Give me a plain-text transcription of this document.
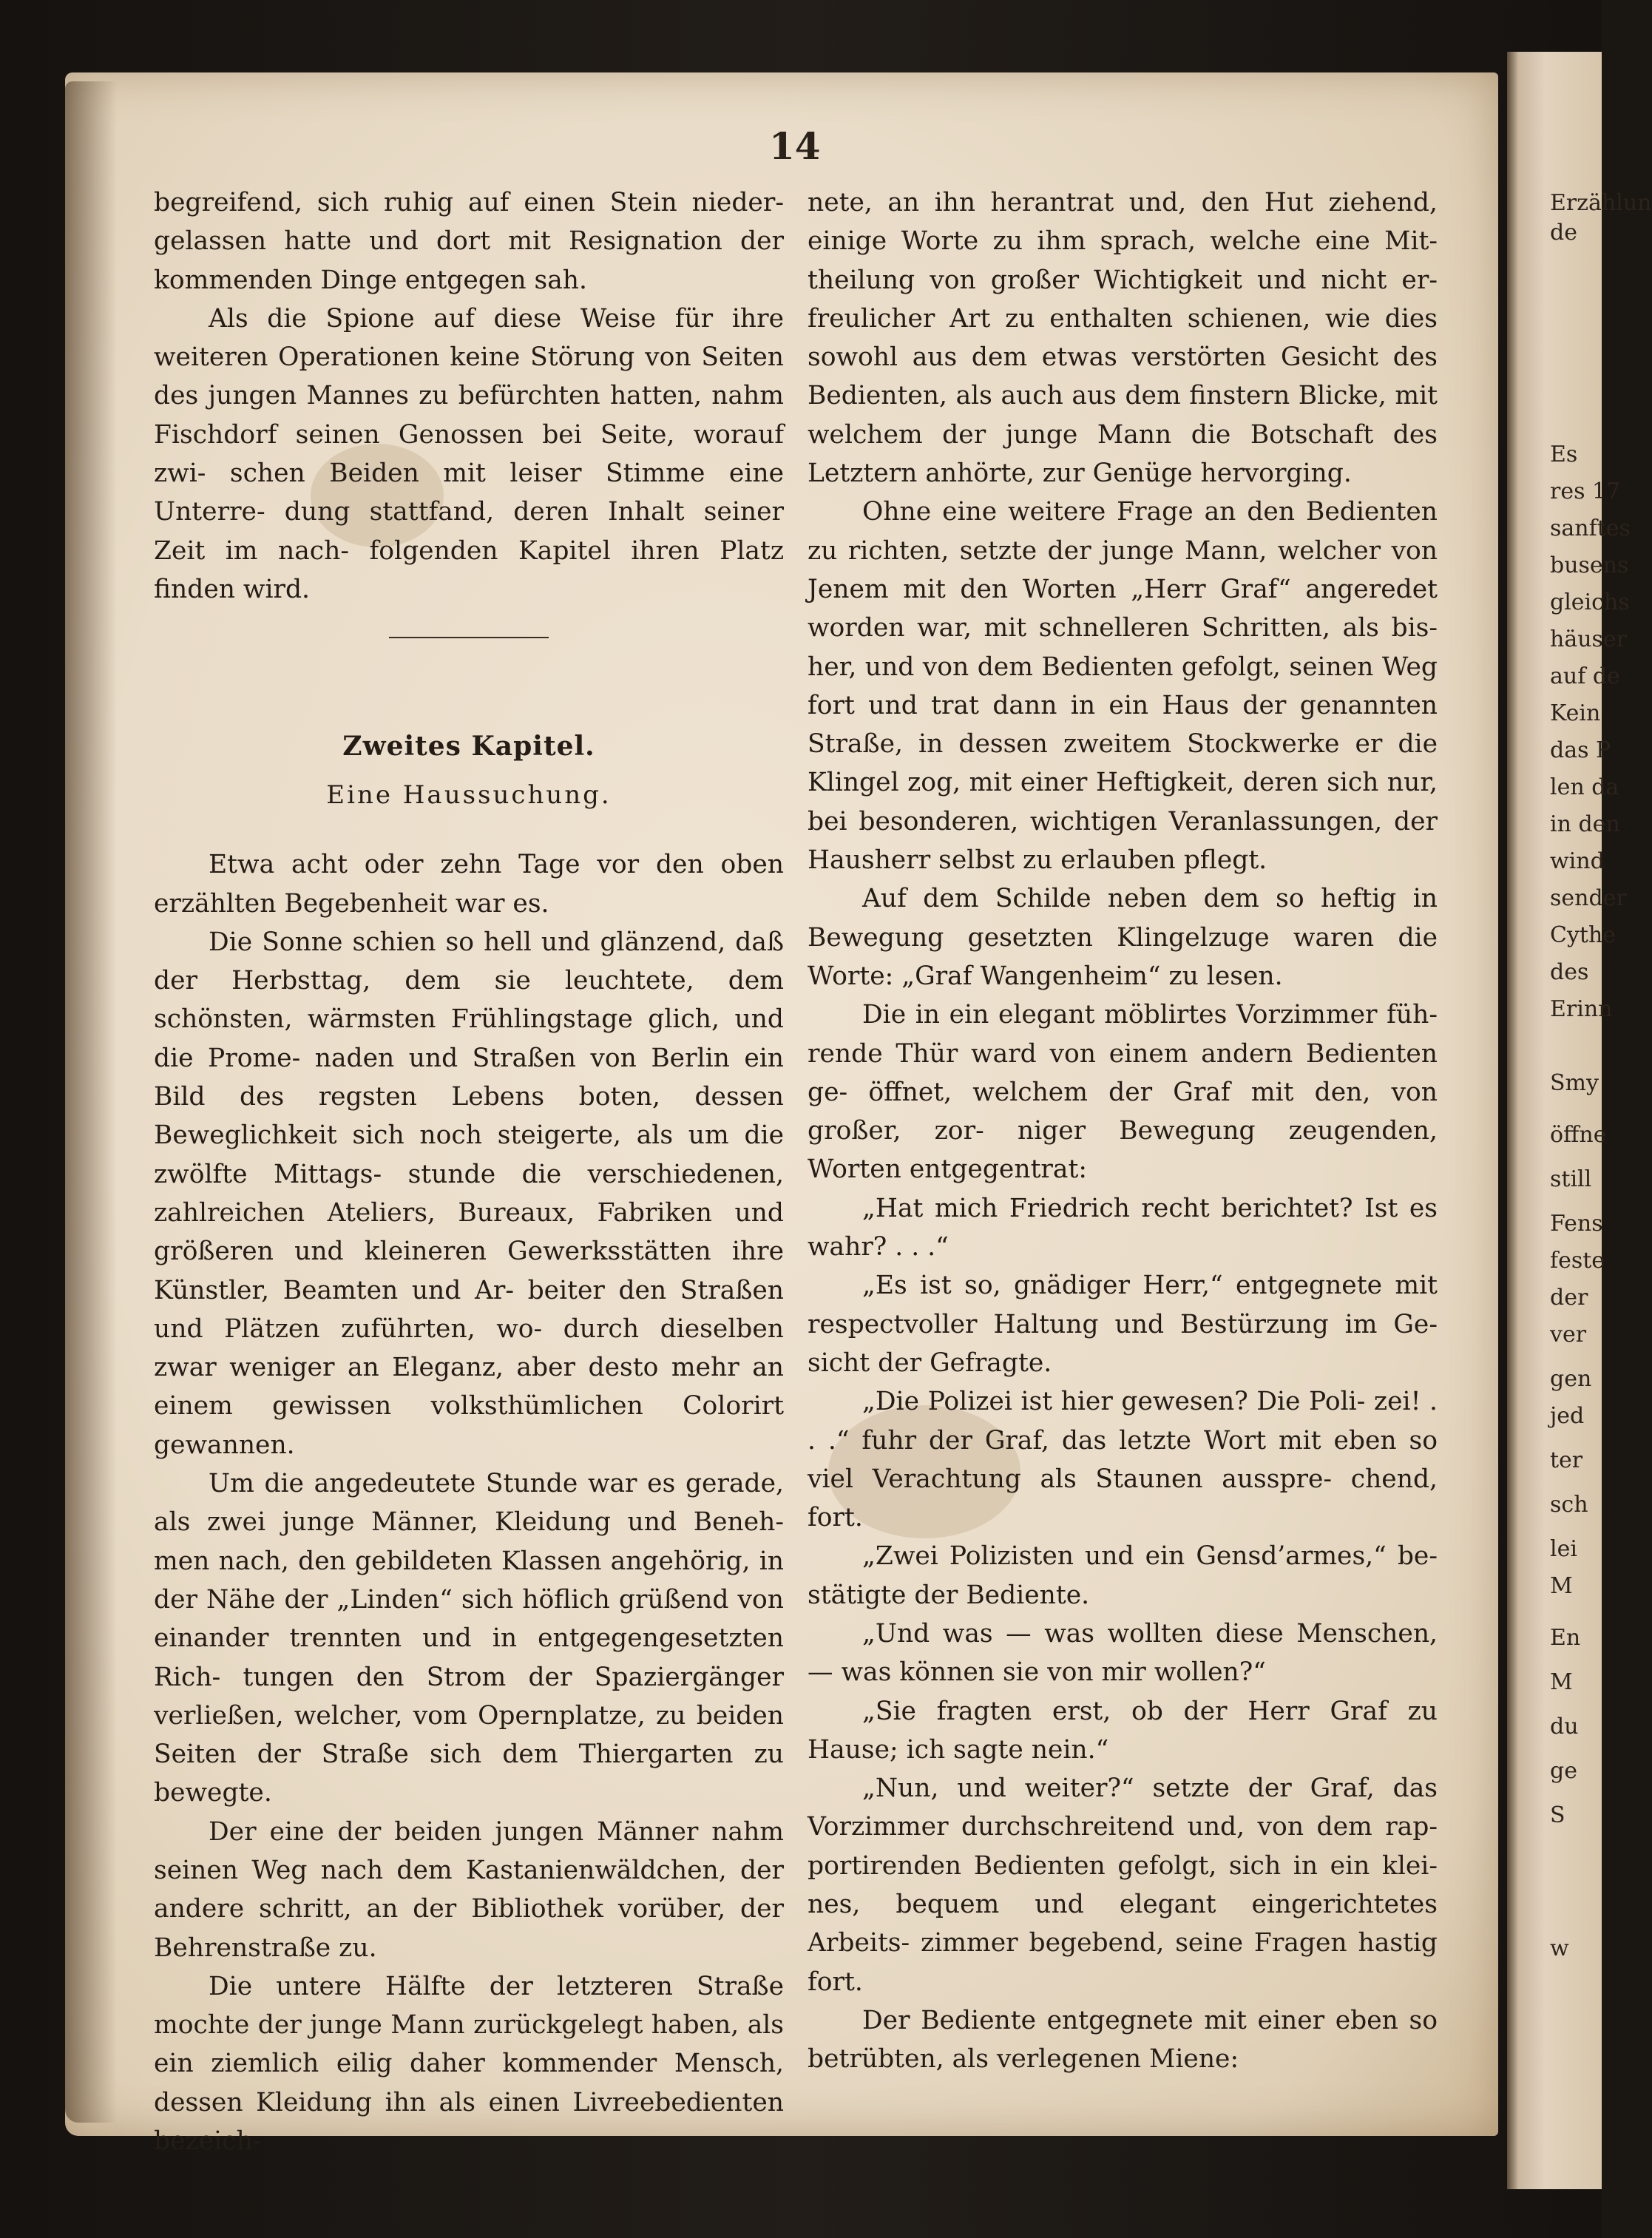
Erzählun
de
Es
res 17
sanftes
busens
gleichs
häuser
auf de
Kein
das P
len da
in den
wind
sender
Cythe
des
Erinn
Smy
öffne
still
Fens
feste
der
ver
gen
jed
ter
sch
lei
M
En
M
du
ge
S
w
14

begreifend, sich ruhig auf einen Stein nieder- gelassen hatte und dort mit Resignation der kommenden Dinge entgegen sah.

Als die Spione auf diese Weise für ihre weiteren Operationen keine Störung von Seiten des jungen Mannes zu befürchten hatten, nahm Fischdorf seinen Genossen bei Seite, worauf zwi- schen Beiden mit leiser Stimme eine Unterre- dung stattfand, deren Inhalt seiner Zeit im nach- folgenden Kapitel ihren Platz finden wird.

Zweites Kapitel.
Eine Haussuchung.

Etwa acht oder zehn Tage vor den oben erzählten Begebenheit war es.

Die Sonne schien so hell und glänzend, daß der Herbsttag, dem sie leuchtete, dem schönsten, wärmsten Frühlingstage glich, und die Prome- naden und Straßen von Berlin ein Bild des regsten Lebens boten, dessen Beweglichkeit sich noch steigerte, als um die zwölfte Mittags- stunde die verschiedenen, zahlreichen Ateliers, Bureaux, Fabriken und größeren und kleineren Gewerksstätten ihre Künstler, Beamten und Ar- beiter den Straßen und Plätzen zuführten, wo- durch dieselben zwar weniger an Eleganz, aber desto mehr an einem gewissen volksthümlichen Colorirt gewannen.

Um die angedeutete Stunde war es gerade, als zwei junge Männer, Kleidung und Beneh- men nach, den gebildeten Klassen angehörig, in der Nähe der „Linden“ sich höflich grüßend von einander trennten und in entgegengesetzten Rich- tungen den Strom der Spaziergänger verließen, welcher, vom Opernplatze, zu beiden Seiten der Straße sich dem Thiergarten zu bewegte.

Der eine der beiden jungen Männer nahm seinen Weg nach dem Kastanienwäldchen, der andere schritt, an der Bibliothek vorüber, der Behrenstraße zu.

Die untere Hälfte der letzteren Straße mochte der junge Mann zurückgelegt haben, als ein ziemlich eilig daher kommender Mensch, dessen Kleidung ihn als einen Livreebedienten bezeich-

nete, an ihn herantrat und, den Hut ziehend, einige Worte zu ihm sprach, welche eine Mit- theilung von großer Wichtigkeit und nicht er- freulicher Art zu enthalten schienen, wie dies sowohl aus dem etwas verstörten Gesicht des Bedienten, als auch aus dem finstern Blicke, mit welchem der junge Mann die Botschaft des Letztern anhörte, zur Genüge hervorging.

Ohne eine weitere Frage an den Bedienten zu richten, setzte der junge Mann, welcher von Jenem mit den Worten „Herr Graf“ angeredet worden war, mit schnelleren Schritten, als bis- her, und von dem Bedienten gefolgt, seinen Weg fort und trat dann in ein Haus der genannten Straße, in dessen zweitem Stockwerke er die Klingel zog, mit einer Heftigkeit, deren sich nur, bei besonderen, wichtigen Veranlassungen, der Hausherr selbst zu erlauben pflegt.

Auf dem Schilde neben dem so heftig in Bewegung gesetzten Klingelzuge waren die Worte: „Graf Wangenheim“ zu lesen.

Die in ein elegant möblirtes Vorzimmer füh- rende Thür ward von einem andern Bedienten ge- öffnet, welchem der Graf mit den, von großer, zor- niger Bewegung zeugenden, Worten entgegentrat:

„Hat mich Friedrich recht berichtet? Ist es wahr? . . .“

„Es ist so, gnädiger Herr,“ entgegnete mit respectvoller Haltung und Bestürzung im Ge- sicht der Gefragte.

„Die Polizei ist hier gewesen? Die Poli- zei! . . .“ fuhr der Graf, das letzte Wort mit eben so viel Verachtung als Staunen ausspre- chend, fort.

„Zwei Polizisten und ein Gensd’armes,“ be- stätigte der Bediente.

„Und was — was wollten diese Menschen, — was können sie von mir wollen?“

„Sie fragten erst, ob der Herr Graf zu Hause; ich sagte nein.“

„Nun, und weiter?“ setzte der Graf, das Vorzimmer durchschreitend und, von dem rap- portirenden Bedienten gefolgt, sich in ein klei- nes, bequem und elegant eingerichtetes Arbeits- zimmer begebend, seine Fragen hastig fort.

Der Bediente entgegnete mit einer eben so betrübten, als verlegenen Miene:
